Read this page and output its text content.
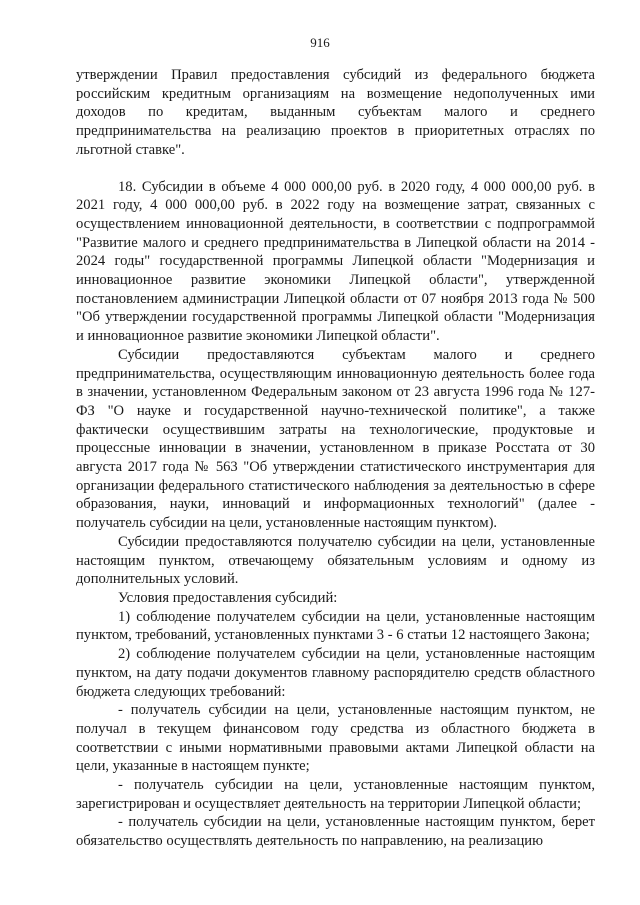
916

утверждении Правил предоставления субсидий из федерального бюджета российским кредитным организациям на возмещение недополученных ими доходов по кредитам, выданным субъектам малого и среднего предпринимательства на реализацию проектов в приоритетных отраслях по льготной ставке".

18. Субсидии в объеме 4 000 000,00 руб. в 2020 году, 4 000 000,00 руб. в 2021 году, 4 000 000,00 руб. в 2022 году на возмещение затрат, связанных с осуществлением инновационной деятельности, в соответствии с подпрограммой "Развитие малого и среднего предпринимательства в Липецкой области на 2014 - 2024 годы" государственной программы Липецкой области "Модернизация и инновационное развитие экономики Липецкой области", утвержденной постановлением администрации Липецкой области от 07 ноября 2013 года № 500 "Об утверждении государственной программы Липецкой области "Модернизация и инновационное развитие экономики Липецкой области".

Субсидии предоставляются субъектам малого и среднего предпринимательства, осуществляющим инновационную деятельность более года в значении, установленном Федеральным законом от 23 августа 1996 года № 127-ФЗ "О науке и государственной научно-технической политике", а также фактически осуществившим затраты на технологические, продуктовые и процессные инновации в значении, установленном в приказе Росстата от 30 августа 2017 года № 563 "Об утверждении статистического инструментария для организации федерального статистического наблюдения за деятельностью в сфере образования, науки, инноваций и информационных технологий" (далее - получатель субсидии на цели, установленные настоящим пунктом).

Субсидии предоставляются получателю субсидии на цели, установленные настоящим пунктом, отвечающему обязательным условиям и одному из дополнительных условий.

Условия предоставления субсидий:

1) соблюдение получателем субсидии на цели, установленные настоящим пунктом, требований, установленных пунктами 3 - 6 статьи 12 настоящего Закона;

2) соблюдение получателем субсидии на цели, установленные настоящим пунктом, на дату подачи документов главному распорядителю средств областного бюджета следующих требований:

- получатель субсидии на цели, установленные настоящим пунктом, не получал в текущем финансовом году средства из областного бюджета в соответствии с иными нормативными правовыми актами Липецкой области на цели, указанные в настоящем пункте;

- получатель субсидии на цели, установленные настоящим пунктом, зарегистрирован и осуществляет деятельность на территории Липецкой области;

- получатель субсидии на цели, установленные настоящим пунктом, берет обязательство осуществлять деятельность по направлению, на реализацию
